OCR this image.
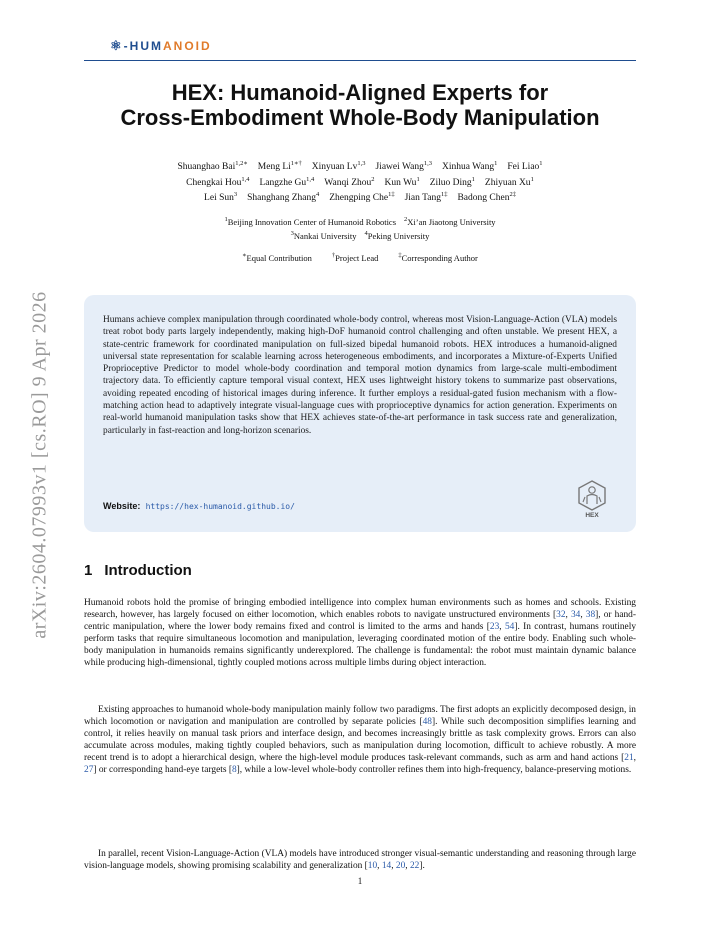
arXiv:2604.07993v1 [cs.RO] 9 Apr 2026
⚛-HUMANOID
HEX: Humanoid-Aligned Experts for
Cross-Embodiment Whole-Body Manipulation
Shuanghao Bai$^{1,2∗}$ Meng $Li^{1∗\dagger}$ Xinyuan Lv$^{1,3}$ Jiawei Wang$^{1,3}$ Xinhua Wang$^1$ Fei Liao$^1$
Chengkai Hou$^{1,4}$ Langzhe Gu$^{1,4}$ Wanqi Zhou$^2$ Kun Wu$^1$ Ziluo Ding$^1$ Zhiyuan Xu$^1$
Lei Sun$^3$ Shanghang Zhang$^4$ Zhengping Che$^{1\ddagger}$ Jian Tang$^{1\ddagger}$ Badong Chen$^{2\ddagger}$
$^1$Beijing Innovation Center of Humanoid Robotics $^2$Xi’an Jiaotong University
$^3$Nankai University $^4$Peking University
∗Equal Contribution	†Project Lead	‡Corresponding Author

Humans achieve complex manipulation through coordinated whole-body control, whereas most Vision-Language-Action (VLA) models treat robot body parts largely independently, making high-DoF humanoid control challenging and often unstable. We present HEX, a state-centric framework for coordinated manipulation on full-sized bipedal humanoid robots. HEX introduces a humanoid-aligned universal state representation for scalable learning across heterogeneous embodiments, and incorporates a Mixture-of-Experts Unified Proprioceptive Predictor to model whole-body coordination and temporal motion dynamics from large-scale multi-embodiment trajectory data. To efficiently capture temporal visual context, HEX uses lightweight history tokens to summarize past observations, avoiding repeated encoding of historical images during inference. It further employs a residual-gated fusion mechanism with a flow-matching action head to adaptively integrate visual-language cues with proprioceptive dynamics for action generation. Experiments on real-world humanoid manipulation tasks show that HEX achieves state-of-the-art performance in task success rate and generalization, particularly in fast-reaction and long-horizon scenarios.

Website: https://hex-humanoid.github.io/
HEX
1 Introduction

Humanoid robots hold the promise of bringing embodied intelligence into complex human environments such as homes and schools. Existing research, however, has largely focused on either locomotion, which enables robots to navigate unstructured environments [32, 34, 38], or hand-centric manipulation, where the lower body remains fixed and control is limited to the arms and hands [23, 54]. In contrast, humans routinely perform tasks that require simultaneous locomotion and manipulation, leveraging coordinated motion of the entire body. Enabling such whole-body manipulation in humanoids remains significantly underexplored. The challenge is fundamental: the robot must maintain dynamic balance while producing high-dimensional, tightly coupled motions across multiple limbs during object interaction.

Existing approaches to humanoid whole-body manipulation mainly follow two paradigms. The first adopts an explicitly decomposed design, in which locomotion or navigation and manipulation are controlled by separate policies [48]. While such decomposition simplifies learning and control, it relies heavily on manual task priors and interface design, and becomes increasingly brittle as task complexity grows. Errors can also accumulate across modules, making tightly coupled behaviors, such as manipulation during locomotion, difficult to achieve robustly. A more recent trend is to adopt a hierarchical design, where the high-level module produces task-relevant commands, such as arm and hand actions [21, 27] or corresponding hand-eye targets [8], while a low-level whole-body controller refines them into high-frequency, balance-preserving motions.

In parallel, recent Vision-Language-Action (VLA) models have introduced stronger visual-semantic understanding and reasoning through large vision-language models, showing promising scalability and generalization [10, 14, 20, 22].

1
